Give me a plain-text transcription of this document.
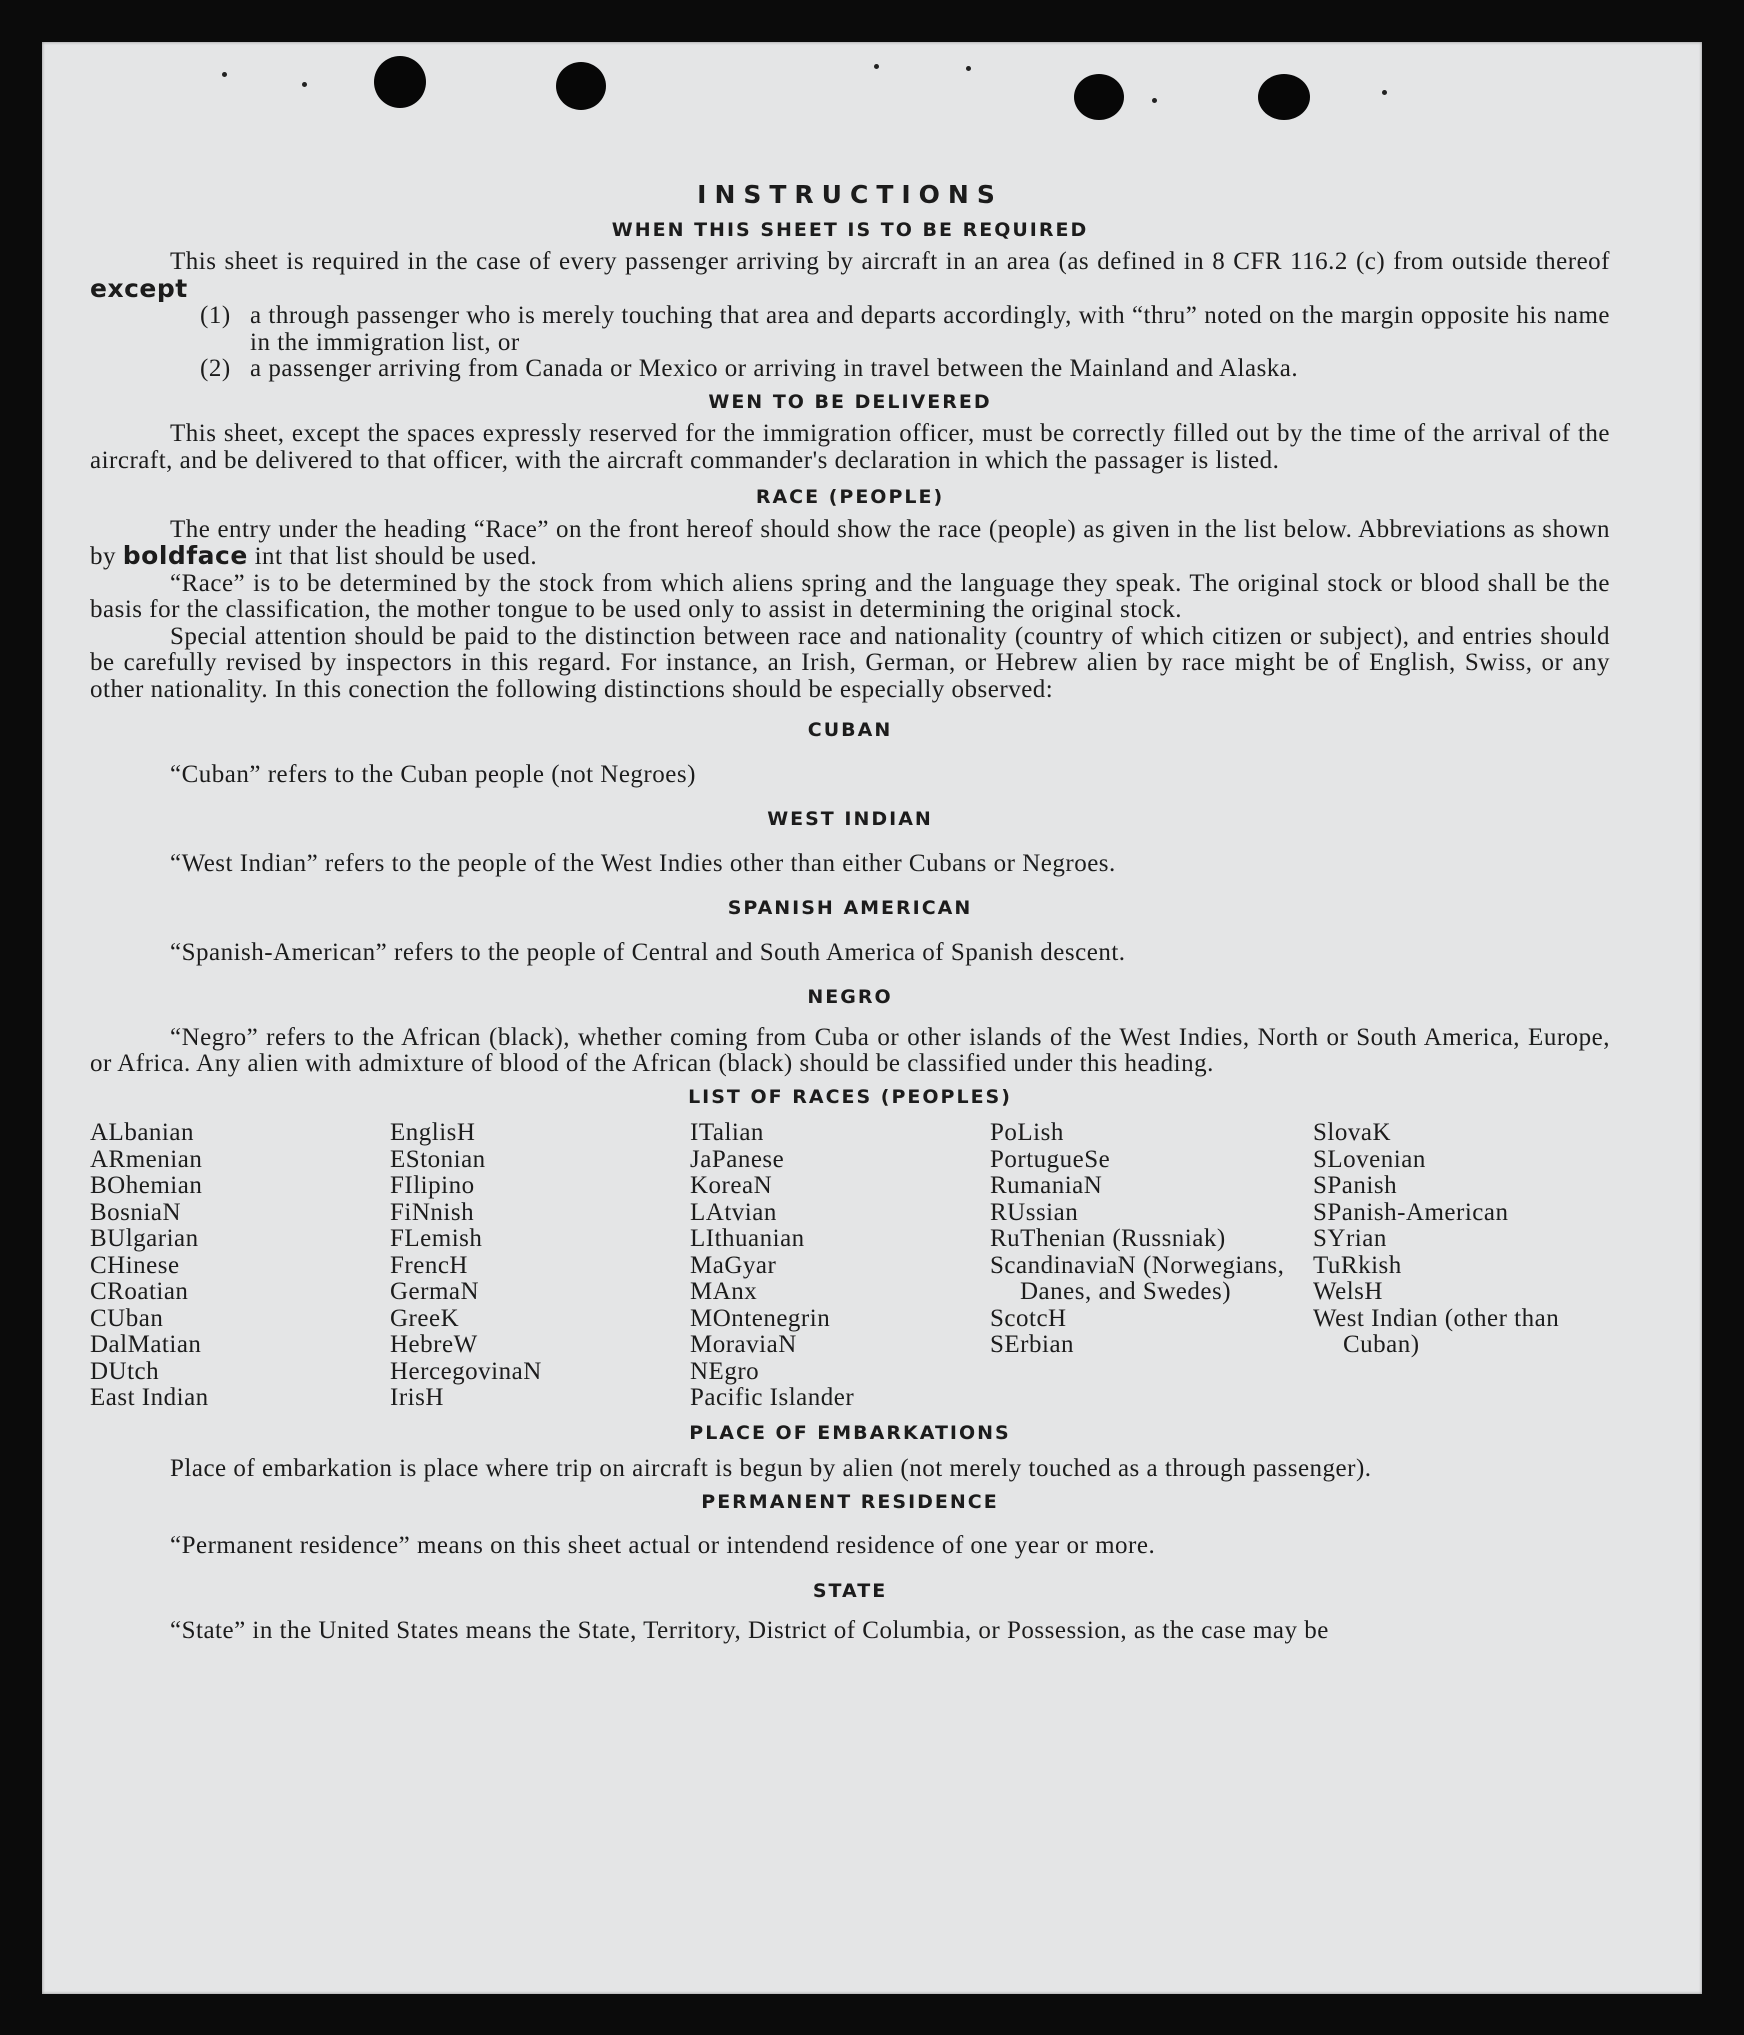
INSTRUCTIONS
WHEN THIS SHEET IS TO BE REQUIRED

This sheet is required in the case of every passenger arriving by aircraft in an area (as defined in 8 CFR 116.2 (c) from outside thereof except

(1) a through passenger who is merely touching that area and departs accordingly, with “thru” noted on the margin opposite his name in the immigration list, or
(2) a passenger arriving from Canada or Mexico or arriving in travel between the Mainland and Alaska.
WEN TO BE DELIVERED

This sheet, except the spaces expressly reserved for the immigration officer, must be correctly filled out by the time of the arrival of the aircraft, and be delivered to that officer, with the aircraft commander's declaration in which the passager is listed.

RACE (PEOPLE)

The entry under the heading “Race” on the front hereof should show the race (people) as given in the list below. Abbreviations as shown by boldface int that list should be used.

“Race” is to be determined by the stock from which aliens spring and the language they speak. The original stock or blood shall be the basis for the classification, the mother tongue to be used only to assist in determining the original stock.

Special attention should be paid to the distinction between race and nationality (country of which citizen or subject), and entries should be carefully revised by inspectors in this regard. For instance, an Irish, German, or Hebrew alien by race might be of English, Swiss, or any other nationality. In this conection the following distinctions should be especially observed:

CUBAN

“Cuban” refers to the Cuban people (not Negroes)

WEST INDIAN

“West Indian” refers to the people of the West Indies other than either Cubans or Negroes.

SPANISH AMERICAN

“Spanish-American” refers to the people of Central and South America of Spanish descent.

NEGRO

“Negro” refers to the African (black), whether coming from Cuba or other islands of the West Indies, North or South America, Europe, or Africa. Any alien with admixture of blood of the African (black) should be classified under this heading.

LIST OF RACES (PEOPLES)
ALbanian
ARmenian
BOhemian
BosniaN
BUlgarian
CHinese
CRoatian
CUban
DalMatian
DUtch
East Indian
EnglisH
EStonian
FIlipino
FiNnish
FLemish
FrencH
GermaN
GreeK
HebreW
HercegovinaN
IrisH
ITalian
JaPanese
KoreaN
LAtvian
LIthuanian
MaGyar
MAnx
MOntenegrin
MoraviaN
NEgro
Pacific Islander
PoLish
PortugueSe
RumaniaN
RUssian
RuThenian (Russniak)
ScandinaviaN (Norwegians, Danes, and Swedes)
ScotcH
SErbian
SlovaK
SLovenian
SPanish
SPanish-American
SYrian
TuRkish
WelsH
West Indian (other than Cuban)
PLACE OF EMBARKATIONS

Place of embarkation is place where trip on aircraft is begun by alien (not merely touched as a through passenger).

PERMANENT RESIDENCE

“Permanent residence” means on this sheet actual or intendend residence of one year or more.

STATE

“State” in the United States means the State, Territory, District of Columbia, or Possession, as the case may be
